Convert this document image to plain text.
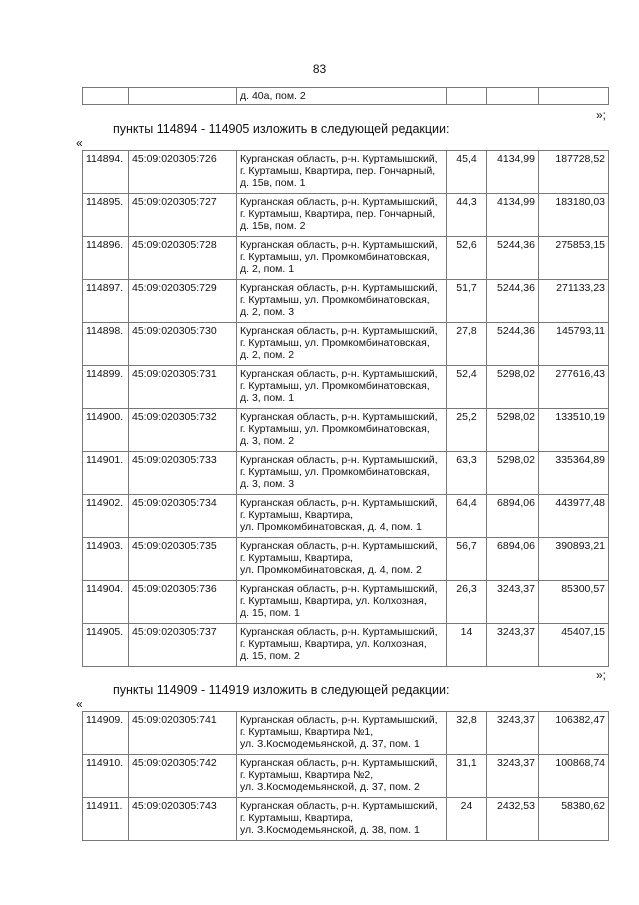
83
		д. 40а, пом. 2			
»;
пункты 114894 - 114905 изложить в следующей редакции:
«
114894.	45:09:020305:726	Курганская область, р-н. Куртамышский,
г. Куртамыш, Квартира, пер. Гончарный,
д. 15в, пом. 1	45,4	4134,99	187728,52
114895.	45:09:020305:727	Курганская область, р-н. Куртамышский,
г. Куртамыш, Квартира, пер. Гончарный,
д. 15в, пом. 2	44,3	4134,99	183180,03
114896.	45:09:020305:728	Курганская область, р-н. Куртамышский,
г. Куртамыш, ул. Промкомбинатовская,
д. 2, пом. 1	52,6	5244,36	275853,15
114897.	45:09:020305:729	Курганская область, р-н. Куртамышский,
г. Куртамыш, ул. Промкомбинатовская,
д. 2, пом. 3	51,7	5244,36	271133,23
114898.	45:09:020305:730	Курганская область, р-н. Куртамышский,
г. Куртамыш, ул. Промкомбинатовская,
д. 2, пом. 2	27,8	5244,36	145793,11
114899.	45:09:020305:731	Курганская область, р-н. Куртамышский,
г. Куртамыш, ул. Промкомбинатовская,
д. 3, пом. 1	52,4	5298,02	277616,43
114900.	45:09:020305:732	Курганская область, р-н. Куртамышский,
г. Куртамыш, ул. Промкомбинатовская,
д. 3, пом. 2	25,2	5298,02	133510,19
114901.	45:09:020305:733	Курганская область, р-н. Куртамышский,
г. Куртамыш, ул. Промкомбинатовская,
д. 3, пом. 3	63,3	5298,02	335364,89
114902.	45:09:020305:734	Курганская область, р-н. Куртамышский,
г. Куртамыш, Квартира,
ул. Промкомбинатовская, д. 4, пом. 1	64,4	6894,06	443977,48
114903.	45:09:020305:735	Курганская область, р-н. Куртамышский,
г. Куртамыш, Квартира,
ул. Промкомбинатовская, д. 4, пом. 2	56,7	6894,06	390893,21
114904.	45:09:020305:736	Курганская область, р-н. Куртамышский,
г. Куртамыш, Квартира, ул. Колхозная,
д. 15, пом. 1	26,3	3243,37	85300,57
114905.	45:09:020305:737	Курганская область, р-н. Куртамышский,
г. Куртамыш, Квартира, ул. Колхозная,
д. 15, пом. 2	14	3243,37	45407,15
»;
пункты 114909 - 114919 изложить в следующей редакции:
«
114909.	45:09:020305:741	Курганская область, р-н. Куртамышский,
г. Куртамыш, Квартира №1,
ул. З.Космодемьянской, д. 37, пом. 1	32,8	3243,37	106382,47
114910.	45:09:020305:742	Курганская область, р-н. Куртамышский,
г. Куртамыш, Квартира №2,
ул. З.Космодемьянской, д. 37, пом. 2	31,1	3243,37	100868,74
114911.	45:09:020305:743	Курганская область, р-н. Куртамышский,
г. Куртамыш, Квартира,
ул. З.Космодемьянской, д. 38, пом. 1	24	2432,53	58380,62
